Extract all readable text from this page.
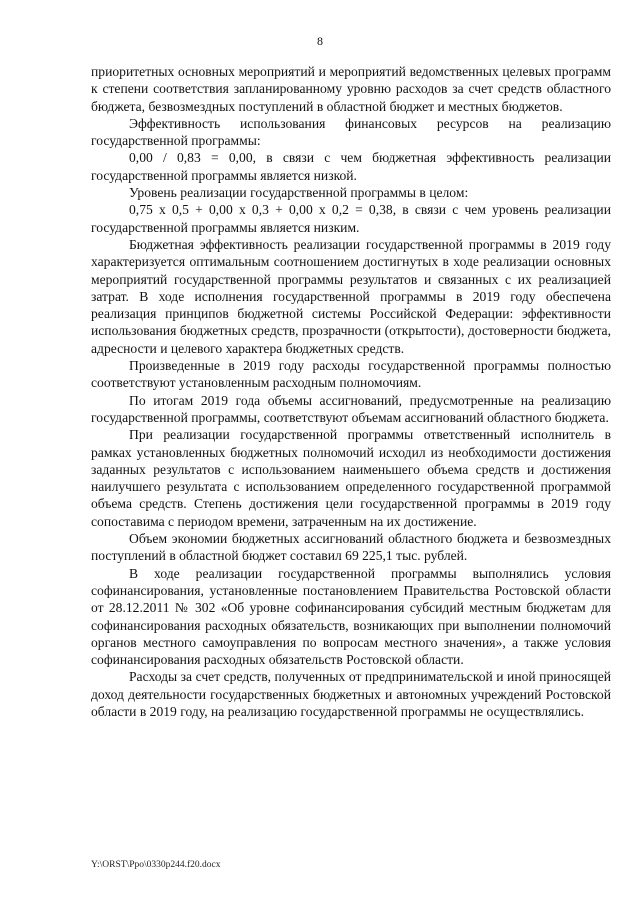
8

приоритетных основных мероприятий и мероприятий ведомственных целевых программ к степени соответствия запланированному уровню расходов за счет средств областного бюджета, безвозмездных поступлений в областной бюджет и местных бюджетов.

Эффективность использования финансовых ресурсов на реализацию государственной программы:

0,00 / 0,83 = 0,00, в связи с чем бюджетная эффективность реализации государственной программы является низкой.

Уровень реализации государственной программы в целом:

0,75 х 0,5 + 0,00 х 0,3 + 0,00 х 0,2 = 0,38, в связи с чем уровень реализации государственной программы является низким.

Бюджетная эффективность реализации государственной программы в 2019 году характеризуется оптимальным соотношением достигнутых в ходе реализации основных мероприятий государственной программы результатов и связанных с их реализацией затрат. В ходе исполнения государственной программы в 2019 году обеспечена реализация принципов бюджетной системы Российской Федерации: эффективности использования бюджетных средств, прозрачности (открытости), достоверности бюджета, адресности и целевого характера бюджетных средств.

Произведенные в 2019 году расходы государственной программы полностью соответствуют установленным расходным полномочиям.

По итогам 2019 года объемы ассигнований, предусмотренные на реализацию государственной программы, соответствуют объемам ассигнований областного бюджета.

При реализации государственной программы ответственный исполнитель в рамках установленных бюджетных полномочий исходил из необходимости достижения заданных результатов с использованием наименьшего объема средств и достижения наилучшего результата с использованием определенного государственной программой объема средств. Степень достижения цели государственной программы в 2019 году сопоставима с периодом времени, затраченным на их достижение.

Объем экономии бюджетных ассигнований областного бюджета и безвозмездных поступлений в областной бюджет составил 69 225,1 тыс. рублей.

В ходе реализации государственной программы выполнялись условия софинансирования, установленные постановлением Правительства Ростовской области от 28.12.2011 № 302 «Об уровне софинансирования субсидий местным бюджетам для софинансирования расходных обязательств, возникающих при выполнении полномочий органов местного самоуправления по вопросам местного значения», а также условия софинансирования расходных обязательств Ростовской области.

Расходы за счет средств, полученных от предпринимательской и иной приносящей доход деятельности государственных бюджетных и автономных учреждений Ростовской области в 2019 году, на реализацию государственной программы не осуществлялись.

Y:\ORST\Ppo\0330p244.f20.docx
